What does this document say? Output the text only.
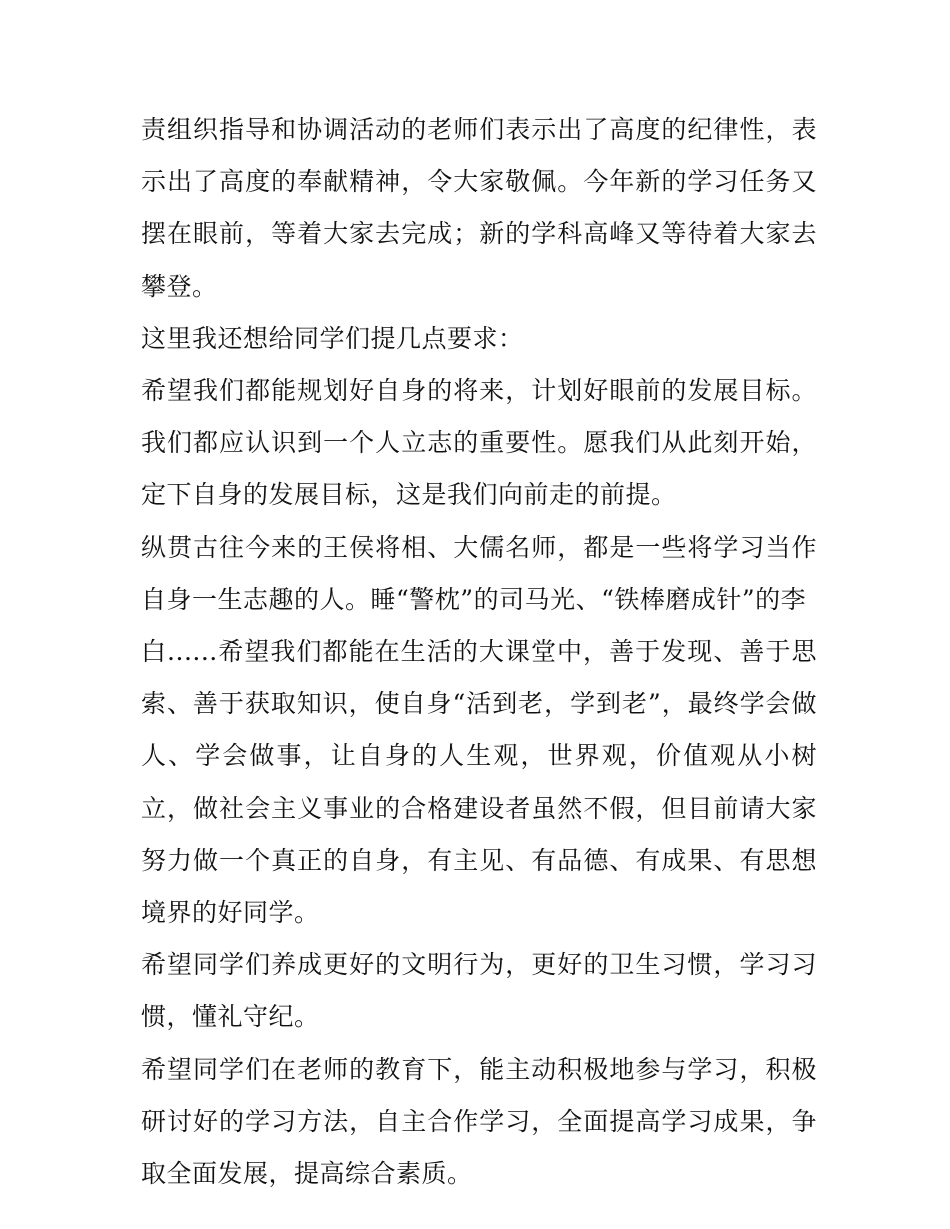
责组织指导和协调活动的老师们表示出了高度的纪律性，表示出了高度的奉献精神，令大家敬佩。今年新的学习任务又摆在眼前，等着大家去完成；新的学科高峰又等待着大家去攀登。

这里我还想给同学们提几点要求：

希望我们都能规划好自身的将来，计划好眼前的发展目标。我们都应认识到一个人立志的重要性。愿我们从此刻开始，定下自身的发展目标，这是我们向前走的前提。

纵贯古往今来的王侯将相、大儒名师，都是一些将学习当作自身一生志趣的人。睡“警枕”的司马光、“铁棒磨成针”的李
白......希望我们都能在生活的大课堂中，善于发现、善于思索、善于获取知识，使自身“活到老，学到老”，最终学会做人、学会做事，让自身的人生观，世界观，价值观从小树立，做社会主义事业的合格建设者虽然不假，但目前请大家努力做一个真正的自身，有主见、有品德、有成果、有思想境界的好同学。

希望同学们养成更好的文明行为，更好的卫生习惯，学习习惯，懂礼守纪。

希望同学们在老师的教育下，能主动积极地参与学习，积极研讨好的学习方法，自主合作学习，全面提高学习成果，争取全面发展，提高综合素质。
